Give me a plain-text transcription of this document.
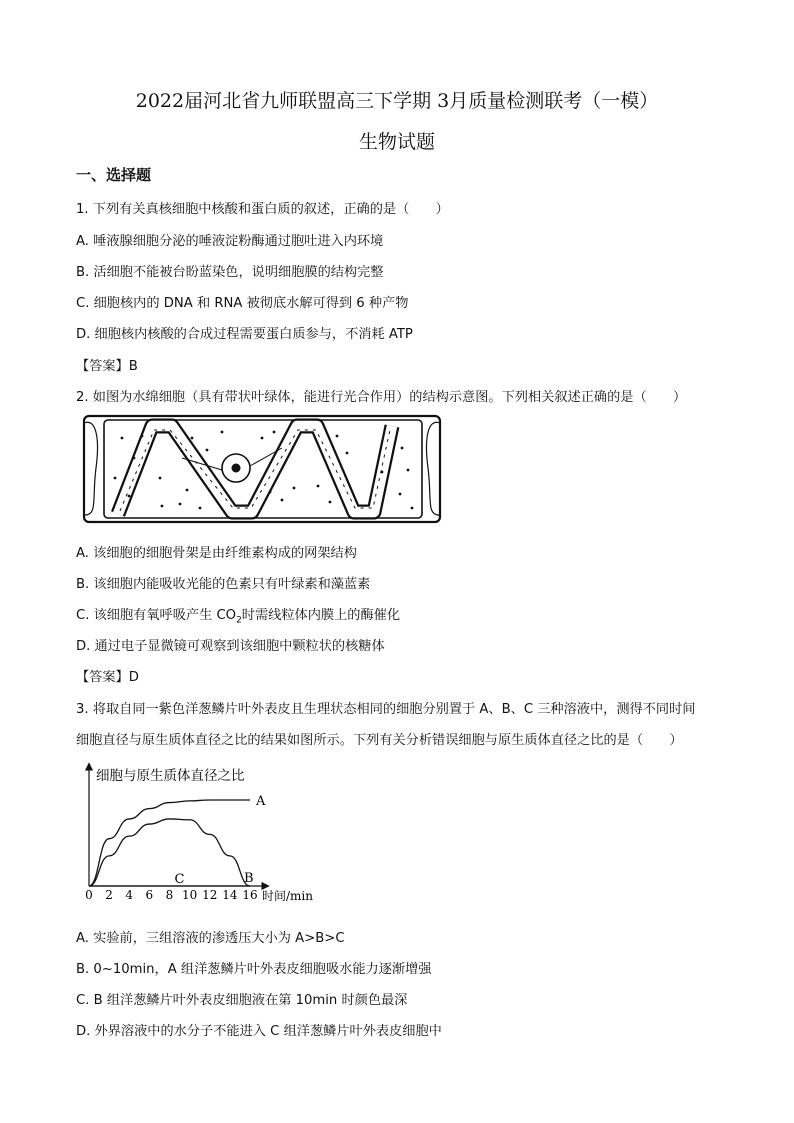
2022届河北省九师联盟高三下学期 3月质量检测联考（一模）
生物试题
一、选择题
1. 下列有关真核细胞中核酸和蛋白质的叙述，正确的是（　　）
A. 唾液腺细胞分泌的唾液淀粉酶通过胞吐进入内环境
B. 活细胞不能被台盼蓝染色，说明细胞膜的结构完整
C. 细胞核内的 DNA 和 RNA 被彻底水解可得到 6 种产物
D. 细胞核内核酸的合成过程需要蛋白质参与，不消耗 ATP
【答案】B
2. 如图为水绵细胞（具有带状叶绿体，能进行光合作用）的结构示意图。下列相关叙述正确的是（　　）
A. 该细胞的细胞骨架是由纤维素构成的网架结构
B. 该细胞内能吸收光能的色素只有叶绿素和藻蓝素
C. 该细胞有氧呼吸产生 $CO_2$时需线粒体内膜上的酶催化
D. 通过电子显微镜可观察到该细胞中颗粒状的核糖体
【答案】D
3. 将取自同一紫色洋葱鳞片叶外表皮且生理状态相同的细胞分别置于 A、B、C 三种溶液中，测得不同时间
细胞直径与原生质体直径之比的结果如图所示。下列有关分析错误细胞与原生质体直径之比的是（　　）
细胞与原生质体直径之比
时间/min
0 2 4 6 8 10 12 14 16
A
B
C
A. 实验前，三组溶液的渗透压大小为 A>B>C
B. 0~10min，A 组洋葱鳞片叶外表皮细胞吸水能力逐渐增强
C. B 组洋葱鳞片叶外表皮细胞液在第 10min 时颜色最深
D. 外界溶液中的水分子不能进入 C 组洋葱鳞片叶外表皮细胞中
